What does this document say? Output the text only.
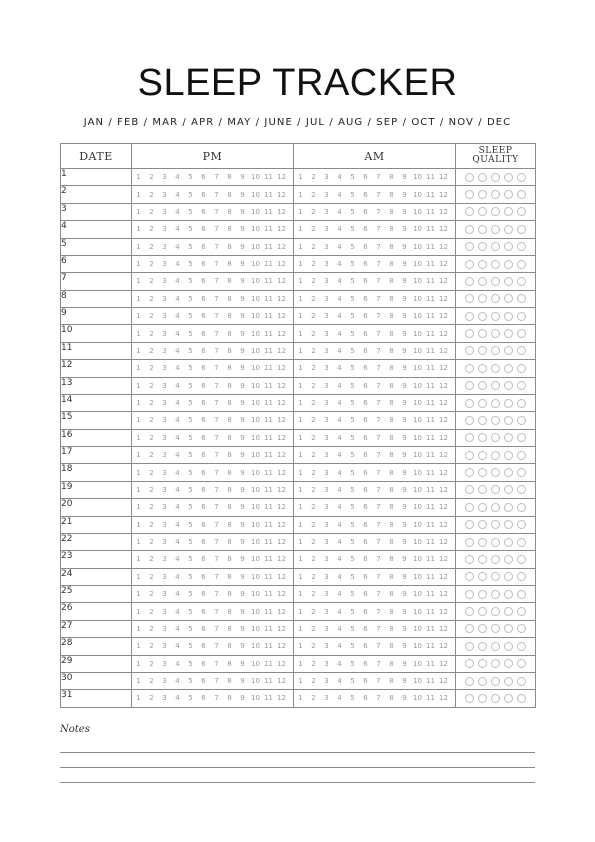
SLEEP TRACKER
JAN / FEB / MAR / APR / MAY / JUNE / JUL / AUG / SEP / OCT / NOV / DEC
DATE	PM	AM	SLEEP
QUALITY
1	1 2 3 4 5 6 7 8 9 10 11 12	1 2 3 4 5 6 7 8 9 10 11 12	
2	1 2 3 4 5 6 7 8 9 10 11 12	1 2 3 4 5 6 7 8 9 10 11 12	
3	1 2 3 4 5 6 7 8 9 10 11 12	1 2 3 4 5 6 7 8 9 10 11 12	
4	1 2 3 4 5 6 7 8 9 10 11 12	1 2 3 4 5 6 7 8 9 10 11 12	
5	1 2 3 4 5 6 7 8 9 10 11 12	1 2 3 4 5 6 7 8 9 10 11 12	
6	1 2 3 4 5 6 7 8 9 10 11 12	1 2 3 4 5 6 7 8 9 10 11 12	
7	1 2 3 4 5 6 7 8 9 10 11 12	1 2 3 4 5 6 7 8 9 10 11 12	
8	1 2 3 4 5 6 7 8 9 10 11 12	1 2 3 4 5 6 7 8 9 10 11 12	
9	1 2 3 4 5 6 7 8 9 10 11 12	1 2 3 4 5 6 7 8 9 10 11 12	
10	1 2 3 4 5 6 7 8 9 10 11 12	1 2 3 4 5 6 7 8 9 10 11 12	
11	1 2 3 4 5 6 7 8 9 10 11 12	1 2 3 4 5 6 7 8 9 10 11 12	
12	1 2 3 4 5 6 7 8 9 10 11 12	1 2 3 4 5 6 7 8 9 10 11 12	
13	1 2 3 4 5 6 7 8 9 10 11 12	1 2 3 4 5 6 7 8 9 10 11 12	
14	1 2 3 4 5 6 7 8 9 10 11 12	1 2 3 4 5 6 7 8 9 10 11 12	
15	1 2 3 4 5 6 7 8 9 10 11 12	1 2 3 4 5 6 7 8 9 10 11 12	
16	1 2 3 4 5 6 7 8 9 10 11 12	1 2 3 4 5 6 7 8 9 10 11 12	
17	1 2 3 4 5 6 7 8 9 10 11 12	1 2 3 4 5 6 7 8 9 10 11 12	
18	1 2 3 4 5 6 7 8 9 10 11 12	1 2 3 4 5 6 7 8 9 10 11 12	
19	1 2 3 4 5 6 7 8 9 10 11 12	1 2 3 4 5 6 7 8 9 10 11 12	
20	1 2 3 4 5 6 7 8 9 10 11 12	1 2 3 4 5 6 7 8 9 10 11 12	
21	1 2 3 4 5 6 7 8 9 10 11 12	1 2 3 4 5 6 7 8 9 10 11 12	
22	1 2 3 4 5 6 7 8 9 10 11 12	1 2 3 4 5 6 7 8 9 10 11 12	
23	1 2 3 4 5 6 7 8 9 10 11 12	1 2 3 4 5 6 7 8 9 10 11 12	
24	1 2 3 4 5 6 7 8 9 10 11 12	1 2 3 4 5 6 7 8 9 10 11 12	
25	1 2 3 4 5 6 7 8 9 10 11 12	1 2 3 4 5 6 7 8 9 10 11 12	
26	1 2 3 4 5 6 7 8 9 10 11 12	1 2 3 4 5 6 7 8 9 10 11 12	
27	1 2 3 4 5 6 7 8 9 10 11 12	1 2 3 4 5 6 7 8 9 10 11 12	
28	1 2 3 4 5 6 7 8 9 10 11 12	1 2 3 4 5 6 7 8 9 10 11 12	
29	1 2 3 4 5 6 7 8 9 10 11 12	1 2 3 4 5 6 7 8 9 10 11 12	
30	1 2 3 4 5 6 7 8 9 10 11 12	1 2 3 4 5 6 7 8 9 10 11 12	
31	1 2 3 4 5 6 7 8 9 10 11 12	1 2 3 4 5 6 7 8 9 10 11 12	
Notes
